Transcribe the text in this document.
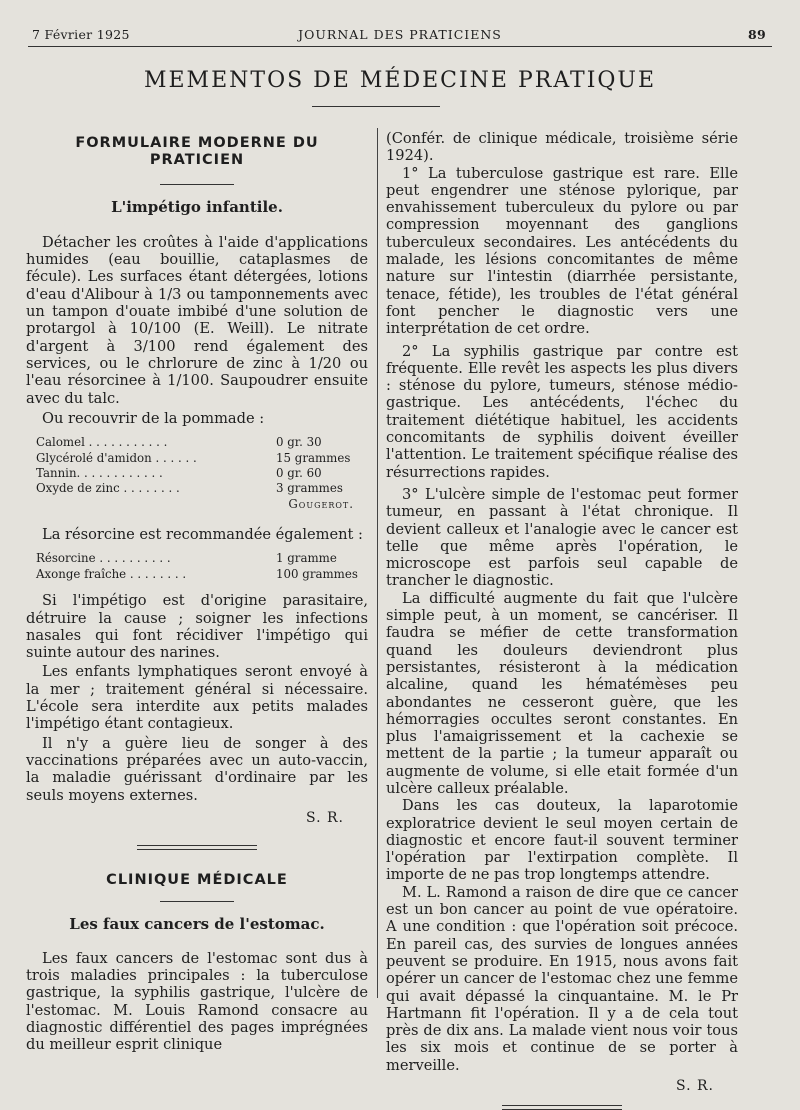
7 Février 1925	JOURNAL DES PRATICIENS	89
MEMENTOS DE MÉDECINE PRATIQUE
FORMULAIRE MODERNE DU PRATICIEN
L'impétigo infantile.

Détacher les croûtes à l'aide d'applications humides (eau bouillie, cataplasmes de fécule). Les surfaces étant détergées, lotions d'eau d'Alibour à 1/3 ou tamponnements avec un tampon d'ouate imbibé d'une solution de protargol à 10/100 (E. Weill). Le nitrate d'argent à 3/100 rend également des services, ou le chrlorure de zinc à 1/20 ou l'eau résorcinee à 1/100. Saupoudrer ensuite avec du talc.

Ou recouvrir de la pommade :

Calomel . . . . . . . . . . .	0 gr. 30
Glycérolé d'amidon . . . . . .	15 grammes
Tannin. . . . . . . . . . . .	0 gr. 60
Oxyde de zinc . . . . . . . .	3 grammes
Gougerot.

La résorcine est recommandée également :

Résorcine . . . . . . . . . .	1 gramme
Axonge fraîche . . . . . . . .	100 grammes

Si l'impétigo est d'origine parasitaire, détruire la cause ; soigner les infections nasales qui font récidiver l'impétigo qui suinte autour des narines.

Les enfants lymphatiques seront envoyé à la mer ; traitement général si nécessaire. L'école sera interdite aux petits malades l'impétigo étant contagieux.

Il n'y a guère lieu de songer à des vaccinations préparées avec un auto-vaccin, la maladie guérissant d'ordinaire par les seuls moyens externes.

S. R.
CLINIQUE MÉDICALE
Les faux cancers de l'estomac.

Les faux cancers de l'estomac sont dus à trois maladies principales : la tuberculose gastrique, la syphilis gastrique, l'ulcère de l'estomac. M. Louis Ramond consacre au diagnostic différentiel des pages imprégnées du meilleur esprit clinique

(Confér. de clinique médicale, troisième série 1924).

1° La tuberculose gastrique est rare. Elle peut engendrer une sténose pylorique, par envahissement tuberculeux du pylore ou par compression moyennant des ganglions tuberculeux secondaires. Les antécédents du malade, les lésions concomitantes de même nature sur l'intestin (diarrhée persistante, tenace, fétide), les troubles de l'état général font pencher le diagnostic vers une interprétation de cet ordre.

2° La syphilis gastrique par contre est fréquente. Elle revêt les aspects les plus divers : sténose du pylore, tumeurs, sténose médio-gastrique. Les antécédents, l'échec du traitement diététique habituel, les accidents concomitants de syphilis doivent éveiller l'attention. Le traitement spécifique réalise des résurrections rapides.

3° L'ulcère simple de l'estomac peut former tumeur, en passant à l'état chronique. Il devient calleux et l'analogie avec le cancer est telle que même après l'opération, le microscope est parfois seul capable de trancher le diagnostic.

La difficulté augmente du fait que l'ulcère simple peut, à un moment, se cancériser. Il faudra se méfier de cette transformation quand les douleurs deviendront plus persistantes, résisteront à la médication alcaline, quand les hématémèses peu abondantes ne cesseront guère, que les hémorragies occultes seront constantes. En plus l'amaigrissement et la cachexie se mettent de la partie ; la tumeur apparaît ou augmente de volume, si elle etait formée d'un ulcère calleux préalable.

Dans les cas douteux, la laparotomie exploratrice devient le seul moyen certain de diagnostic et encore faut-il souvent terminer l'opération par l'extirpation complète. Il importe de ne pas trop longtemps attendre.

M. L. Ramond a raison de dire que ce cancer est un bon cancer au point de vue opératoire. A une condition : que l'opération soit précoce. En pareil cas, des survies de longues années peuvent se produire. En 1915, nous avons fait opérer un cancer de l'estomac chez une femme qui avait dépassé la cinquantaine. M. le Pr Hartmann fit l'opération. Il y a de cela tout près de dix ans. La malade vient nous voir tous les six mois et continue de se porter à merveille.

S. R.
